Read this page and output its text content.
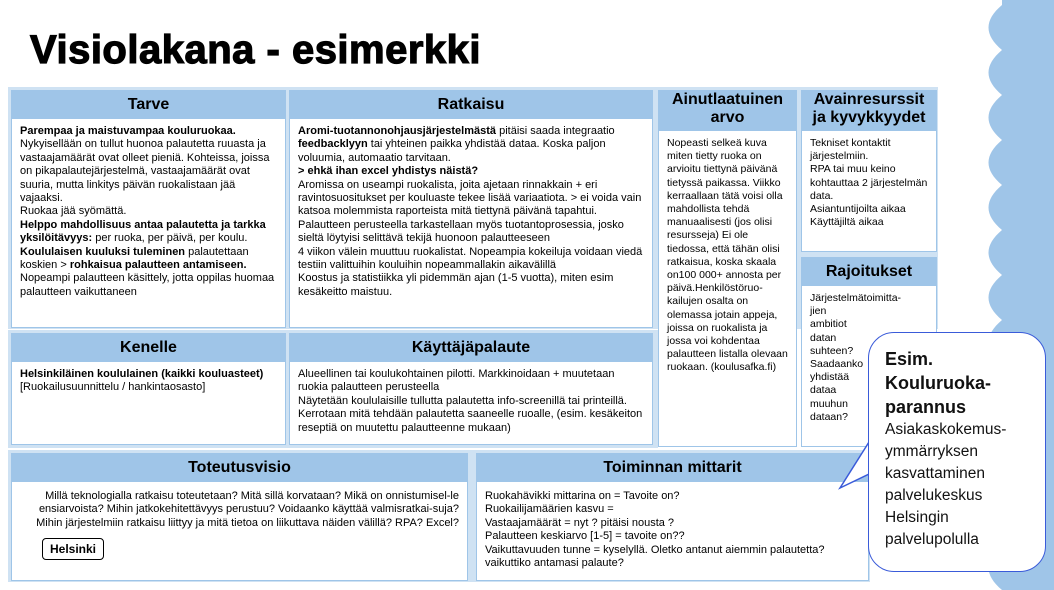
Visiolakana - esimerkki
Tarve

Parempaa ja maistuvampaa kouluruokaa.

Nykyisellään on tullut huonoa palautetta ruuasta ja vastaajamäärät ovat olleet pieniä. Kohteissa, joissa on pikapalautejärjestelmä, vastaajamäärät ovat suuria, mutta linkitys päivän ruokalistaan jää vajaaksi.

Ruokaa jää syömättä.

Helppo mahdollisuus antaa palautetta ja tarkka yksilöitävyys: per ruoka, per päivä, per koulu.

Koululaisen kuuluksi tuleminen palautettaan koskien > rohkaisua palautteen antamiseen.

Nopeampi palautteen käsittely, jotta oppilas huomaa palautteen vaikuttaneen

Ratkaisu

Aromi-tuotannonohjausjärjestelmästä pitäisi saada integraatio feedbacklyyn tai yhteinen paikka yhdistää dataa. Koska paljon voluumia, automaatio tarvitaan.

> ehkä ihan excel yhdistys näistä?

Aromissa on useampi ruokalista, joita ajetaan rinnakkain + eri ravintosuositukset per kouluaste tekee lisää variaatiota. > ei voida vain katsoa molemmista raporteista mitä tiettynä päivänä tapahtui.

Palautteen perusteella tarkastellaan myös tuotantoprosessia, josko sieltä löytyisi selittävä tekijä huonoon palautteeseen

4 viikon välein muuttuu ruokalistat. Nopeampia kokeiluja voidaan viedä testiin valittuihin kouluihin nopeammallakin aikavälillä

Koostus ja statistiikka yli pidemmän ajan (1-5 vuotta), miten esim kesäkeitto maistuu.

Ainutlaatuinen arvo
Nopeasti selkeä kuva miten tietty ruoka on arvioitu tiettynä päivänä tietyssä paikassa. Viikko kerraallaan tätä voisi olla mahdollista tehdä manuaalisesti (jos olisi resursseja) Ei ole tiedossa, että tähän olisi ratkaisua, koska skaala on100 000+ annosta per päivä.Henkilöstöruo-kailujen osalta on olemassa jotain appeja, joissa on ruokalista ja jossa voi kohdentaa palautteen listalla olevaan ruokaan. (koulusafka.fi)
Avainresurssit ja kyvykkyydet

Tekniset kontaktit järjestelmiin.

RPA tai muu keino kohtauttaa 2 järjestelmän data.

Asiantuntijoilta aikaa

Käyttäjiltä aikaa

Rajoitukset
Järjestelmätoimitta-jien ambitiot datan suhteen? Saadaanko yhdistää dataa muuhun dataan?
Kenelle

Helsinkiläinen koululainen (kaikki kouluasteet)

[Ruokailusuunnittelu / hankintaosasto]

Käyttäjäpalaute

Alueellinen tai koulukohtainen pilotti. Markkinoidaan + muutetaan ruokia palautteen perusteella

Näytetään koululaisille tullutta palautetta info-screenillä tai printeillä. Kerrotaan mitä tehdään palautetta saaneelle ruoalle, (esim. kesäkeiton reseptiä on muutettu palautteenne mukaan)

Toteutusvisio
Millä teknologialla ratkaisu toteutetaan? Mitä sillä korvataan? Mikä on onnistumisel-le ensiarvoista? Mihin jatkokehitettävyys perustuu? Voidaanko käyttää valmisratkai-suja? Mihin järjestelmiin ratkaisu liittyy ja mitä tietoa on liikuttava näiden välillä? RPA? Excel?
Toiminnan mittarit

Ruokahävikki mittarina on = Tavoite on?

Ruokailijamäärien kasvu =

Vastaajamäärät = nyt ? pitäisi nousta ?

Palautteen keskiarvo [1-5] = tavoite on??

Vaikuttavuuden tunne = kyselyllä. Oletko antanut aiemmin palautetta? vaikuttiko antamasi palaute?

Helsinki
Esim.
Kouluruoka-
parannus
Asiakaskokemus-
ymmärryksen
kasvattaminen
palvelukeskus
Helsingin
palvelupolulla
